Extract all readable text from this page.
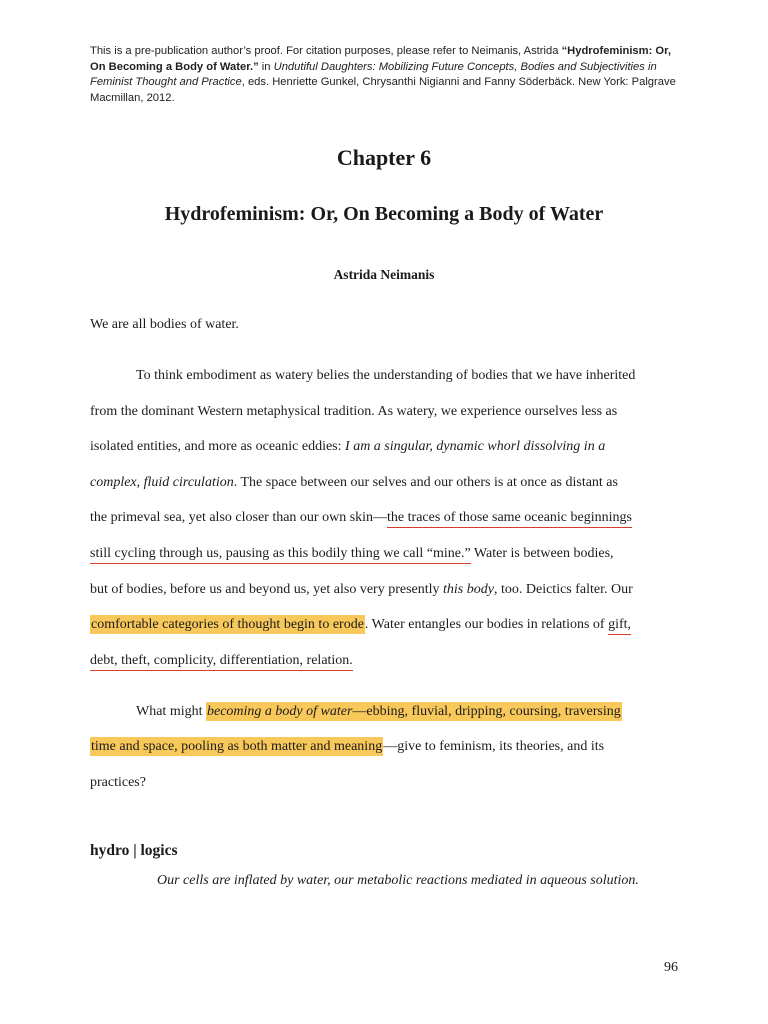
This is a pre-publication author’s proof. For citation purposes, please refer to Neimanis, Astrida “Hydrofeminism: Or, On Becoming a Body of Water.” in Undutiful Daughters: Mobilizing Future Concepts, Bodies and Subjectivities in Feminist Thought and Practice, eds. Henriette Gunkel, Chrysanthi Nigianni and Fanny Söderbäck. New York: Palgrave Macmillan, 2012.
Chapter 6
Hydrofeminism: Or, On Becoming a Body of Water
Astrida Neimanis
We are all bodies of water.
To think embodiment as watery belies the understanding of bodies that we have inherited
from the dominant Western metaphysical tradition. As watery, we experience ourselves less as
isolated entities, and more as oceanic eddies: I am a singular, dynamic whorl dissolving in a
complex, fluid circulation. The space between our selves and our others is at once as distant as
the primeval sea, yet also closer than our own skin—the traces of those same oceanic beginnings
still cycling through us, pausing as this bodily thing we call “mine.” Water is between bodies,
but of bodies, before us and beyond us, yet also very presently this body, too. Deictics falter. Our
comfortable categories of thought begin to erode. Water entangles our bodies in relations of gift,
debt, theft, complicity, differentiation, relation.
What might becoming a body of water—ebbing, fluvial, dripping, coursing, traversing
time and space, pooling as both matter and meaning—give to feminism, its theories, and its
practices?
hydro | logics
Our cells are inflated by water, our metabolic reactions mediated in aqueous solution.
96
